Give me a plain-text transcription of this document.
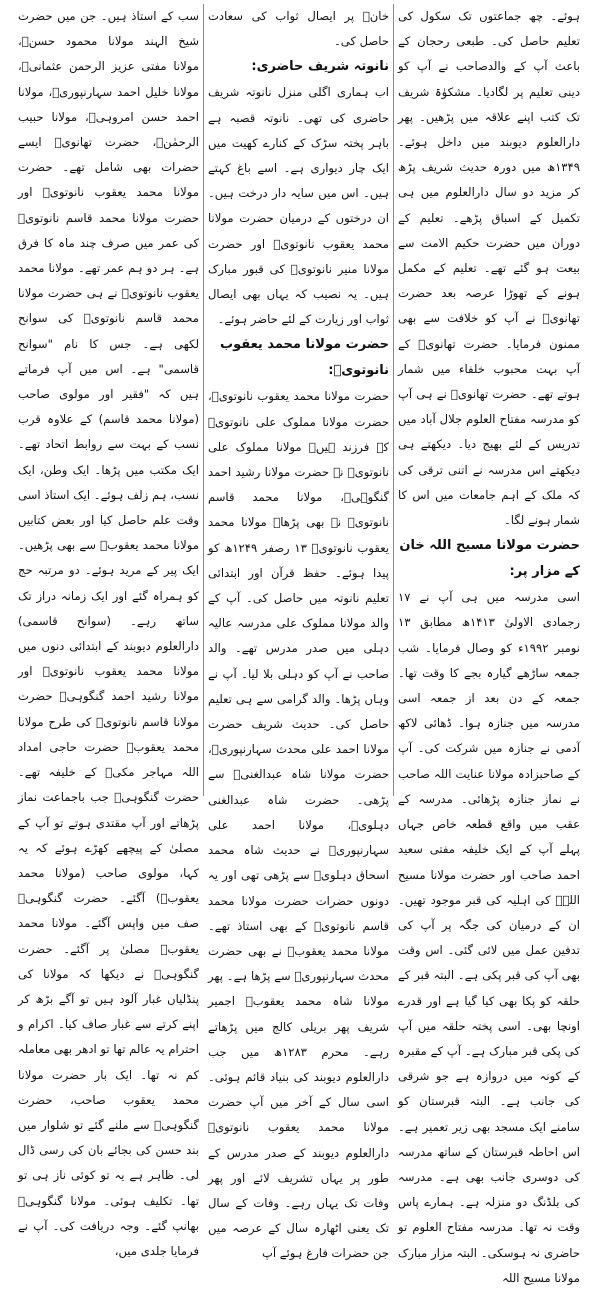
ہوئے۔ چھ جماعتوں تک سکول کی تعلیم حاصل کی۔ طبعی رحجان کے باعث آپ کے والدصاحب نے آپ کو دینی تعلیم پر لگادیا۔ مشکوٰۃ شریف تک کتب اپنے علاقہ میں پڑھیں۔ پھر دارالعلوم دیوبند میں داخل ہوئے۔ ۱۳۴۹ھ میں دورہ حدیث شریف پڑھ کر مزید دو سال دارالعلوم میں ہی تکمیل کے اسباق پڑھے۔ تعلیم کے دوران میں حضرت حکیم الامت سے بیعت ہو گئے تھے۔ تعلیم کے مکمل ہونے کے تھوڑا عرصہ بعد حضرت تھانویؒ نے آپ کو خلافت سے بھی ممنون فرمایا۔ حضرت تھانویؒ کے آپ بہت محبوب خلفاء میں شمار ہوتے تھے۔ حضرت تھانویؒ نے ہی آپ کو مدرسہ مفتاح العلوم جلال آباد میں تدریس کے لئے بھیج دیا۔ دیکھتے ہی دیکھتے اس مدرسہ نے اتنی ترقی کی کہ ملک کے اہم جامعات میں اس کا شمار ہونے لگا۔

حضرت مولانا مسیح اللہ خان کے مزار پر:

اسی مدرسہ میں ہی آپ نے ۱۷ رجمادی الاولیٰ ۱۴۱۳ھ مطابق ۱۳ نومبر ۱۹۹۲ء کو وصال فرمایا۔ شب جمعہ ساڑھے گیارہ بجے کا وقت تھا۔ جمعہ کے دن بعد از جمعہ اسی مدرسہ میں جنازہ ہوا۔ ڈھائی لاکھ آدمی نے جنازہ میں شرکت کی۔ آپ کے صاحبزادہ مولانا عنایت اللہ صاحب نے نماز جنازہ پڑھائی۔ مدرسہ کے عقب میں واقع قطعہ خاص جہاں پہلے آپ کے ایک خلیفہ مفتی سعید احمد صاحب اور حضرت مولانا مسیح اللہؒ کی اہلیہ کی قبر موجود تھیں۔ ان کے درمیان کی جگہ پر آپ کی تدفین عمل میں لائی گئی۔ اس وقت بھی آپ کی قبر پکی ہے۔ البتہ قبر کے حلقہ کو پکا بھی کیا گیا ہے اور قدرے اونچا بھی۔ اسی پختہ حلقہ میں آپ کی پکی قبر مبارک ہے۔ آپ کے مقبرہ کے کونہ میں دروازہ ہے جو شرقی کی جانب ہے۔ البتہ قبرستان کو سامنے ایک مسجد بھی زیر تعمیر ہے۔ اس احاطہ قبرستان کے ساتھ مدرسہ کی دوسری جانب بھی ہے۔ مدرسہ کی بلڈنگ دو منزلہ ہے۔ ہمارے پاس وقت نہ تھا۔ مدرسہ مفتاح العلوم تو حاضری نہ ہوسکی۔ البتہ مزار مبارک مولانا مسیح اللہ

خانؒ پر ایصال ثواب کی سعادت حاصل کی۔

نانوتہ شریف حاضری:

اب ہماری اگلی منزل نانوتہ شریف حاضری کی تھی۔ نانوتہ قصبہ ہے باہر پختہ سڑک کے کنارے کھیت میں ایک چار دیواری ہے۔ اسے باغ کہتے ہیں۔ اس میں سایہ دار درخت ہیں۔ ان درختوں کے درمیان حضرت مولانا محمد یعقوب نانوتویؒ اور حضرت مولانا منیر نانوتویؒ کی قبور مبارک ہیں۔ یہ نصیب کہ یہاں بھی ایصال ثواب اور زیارت کے لئے حاضر ہوئے۔

حضرت مولانا محمد یعقوب نانوتویؒ:

حضرت مولانا محمد یعقوب نانوتویؒ، حضرت مولانا مملوک علی نانوتویؒ کے فرزند ہیں۔ مولانا مملوک علی نانوتویؒ نے حضرت مولانا رشید احمد گنگوہیؒ، مولانا محمد قاسم نانوتویؒ نے بھی پڑھا۔ مولانا محمد یعقوب نانوتویؒ ۱۳ رصفر ۱۲۴۹ھ کو پیدا ہوئے۔ حفظ قرآن اور ابتدائی تعلیم نانوتہ میں حاصل کی۔ آپ کے والد مولانا مملوک علی مدرسہ عالیہ دہلی میں صدر مدرس تھے۔ والد صاحب نے آپ کو دہلی بلا لیا۔ آپ نے وہاں پڑھا۔ والد گرامی سے ہی تعلیم حاصل کی۔ حدیث شریف حضرت مولانا احمد علی محدث سہارنپوریؒ، حضرت مولانا شاہ عبدالغنیؒ سے پڑھی۔ حضرت شاہ عبدالغنی دہلویؒ، مولانا احمد علی سہارنپوریؒ نے حدیث شاہ محمد اسحاق دہلویؒ سے پڑھی تھی اور یہ دونوں حضرات حضرت مولانا محمد قاسم نانوتویؒ کے بھی استاذ تھے۔ مولانا محمد یعقوبؒ نے بھی حضرت محدث سہارنپوریؒ سے پڑھا ہے۔ پھر مولانا شاہ محمد یعقوبؒ اجمیر شریف پھر بریلی کالج میں پڑھاتے رہے۔ محرم ۱۲۸۳ھ میں جب دارالعلوم دیوبند کی بنیاد قائم ہوئی۔ اسی سال کے آخر میں آپ حضرت مولانا محمد یعقوب نانوتویؒ دارالعلوم دیوبند کے صدر مدرس کے طور پر یہاں تشریف لائے اور پھر وفات تک یہاں رہے۔ وفات کے سال تک یعنی اٹھارہ سال کے عرصہ میں جن حضرات فارغ ہوئے آپ

سب کے استاذ ہیں۔ جن میں حضرت شیخ الہند مولانا محمود حسنؒ، مولانا مفتی عزیز الرحمن عثمانیؒ، مولانا خلیل احمد سہارنپوریؒ، مولانا احمد حسن امروہیؒ، مولانا حبیب الرحمٰنؒ، حضرت تھانویؒ ایسے حضرات بھی شامل تھے۔ حضرت مولانا محمد یعقوب نانوتویؒ اور حضرت مولانا محمد قاسم نانوتویؒ کی عمر میں صرف چند ماہ کا فرق ہے۔ ہر دو ہم عمر تھے۔ مولانا محمد یعقوب نانوتویؒ نے ہی حضرت مولانا محمد قاسم نانوتویؒ کی سوانح لکھی ہے۔ جس کا نام "سوانح قاسمی" ہے۔ اس میں آپ فرماتے ہیں کہ "فقیر اور مولوی صاحب (مولانا محمد قاسم) کے علاوہ قرب نسب کے بہت سے روابط اتحاد تھے۔ ایک مکتب میں پڑھا۔ ایک وطن، ایک نسب، ہم زلف ہوئے۔ ایک استاذ اسی وقت علم حاصل کیا اور بعض کتابیں مولانا محمد یعقوبؒ سے بھی پڑھیں۔ ایک پیر کے مرید ہوئے۔ دو مرتبہ حج کو ہمراہ گئے اور ایک زمانہ دراز تک ساتھ رہے۔ (سوانح قاسمی) دارالعلوم دیوبند کے ابتدائی دنوں میں مولانا محمد یعقوب نانوتویؒ اور مولانا رشید احمد گنگوہیؒ حضرت مولانا قاسم نانوتویؒ کی طرح مولانا محمد یعقوبؒ حضرت حاجی امداد اللہ مہاجر مکیؒ کے خلیفہ تھے۔ حضرت گنگوہیؒ جب باجماعت نماز پڑھاتے اور آپ مقتدی ہوتے تو آپ کے مصلیٰ کے پیچھے کھڑے ہوئے کہ یہ کہا، مولوی صاحب (مولانا محمد یعقوبؒ) آگئے۔ حضرت گنگوہیؒ صف میں واپس آگئے۔ مولانا محمد یعقوبؒ مصلیٰ پر آگئے۔ حضرت گنگوہیؒ نے دیکھا کہ مولانا کی پنڈلیاں غبار آلود ہیں تو آگے بڑھ کر اپنے کرتے سے غبار صاف کیا۔ اکرام و احترام یہ عالم تھا تو ادھر بھی معاملہ کم نہ تھا۔ ایک بار حضرت مولانا محمد یعقوب صاحب، حضرت گنگوہیؒ سے ملنے گئے تو شلوار میں بند حسن کی بجائے بان کی رسی ڈال لی۔ ظاہر ہے یہ تو کوئی ناز ہی تو تھا۔ تکلیف ہوئی۔ مولانا گنگوہیؒ بھانپ گئے۔ وجہ دریافت کی۔ آپ نے فرمایا جلدی میں،
